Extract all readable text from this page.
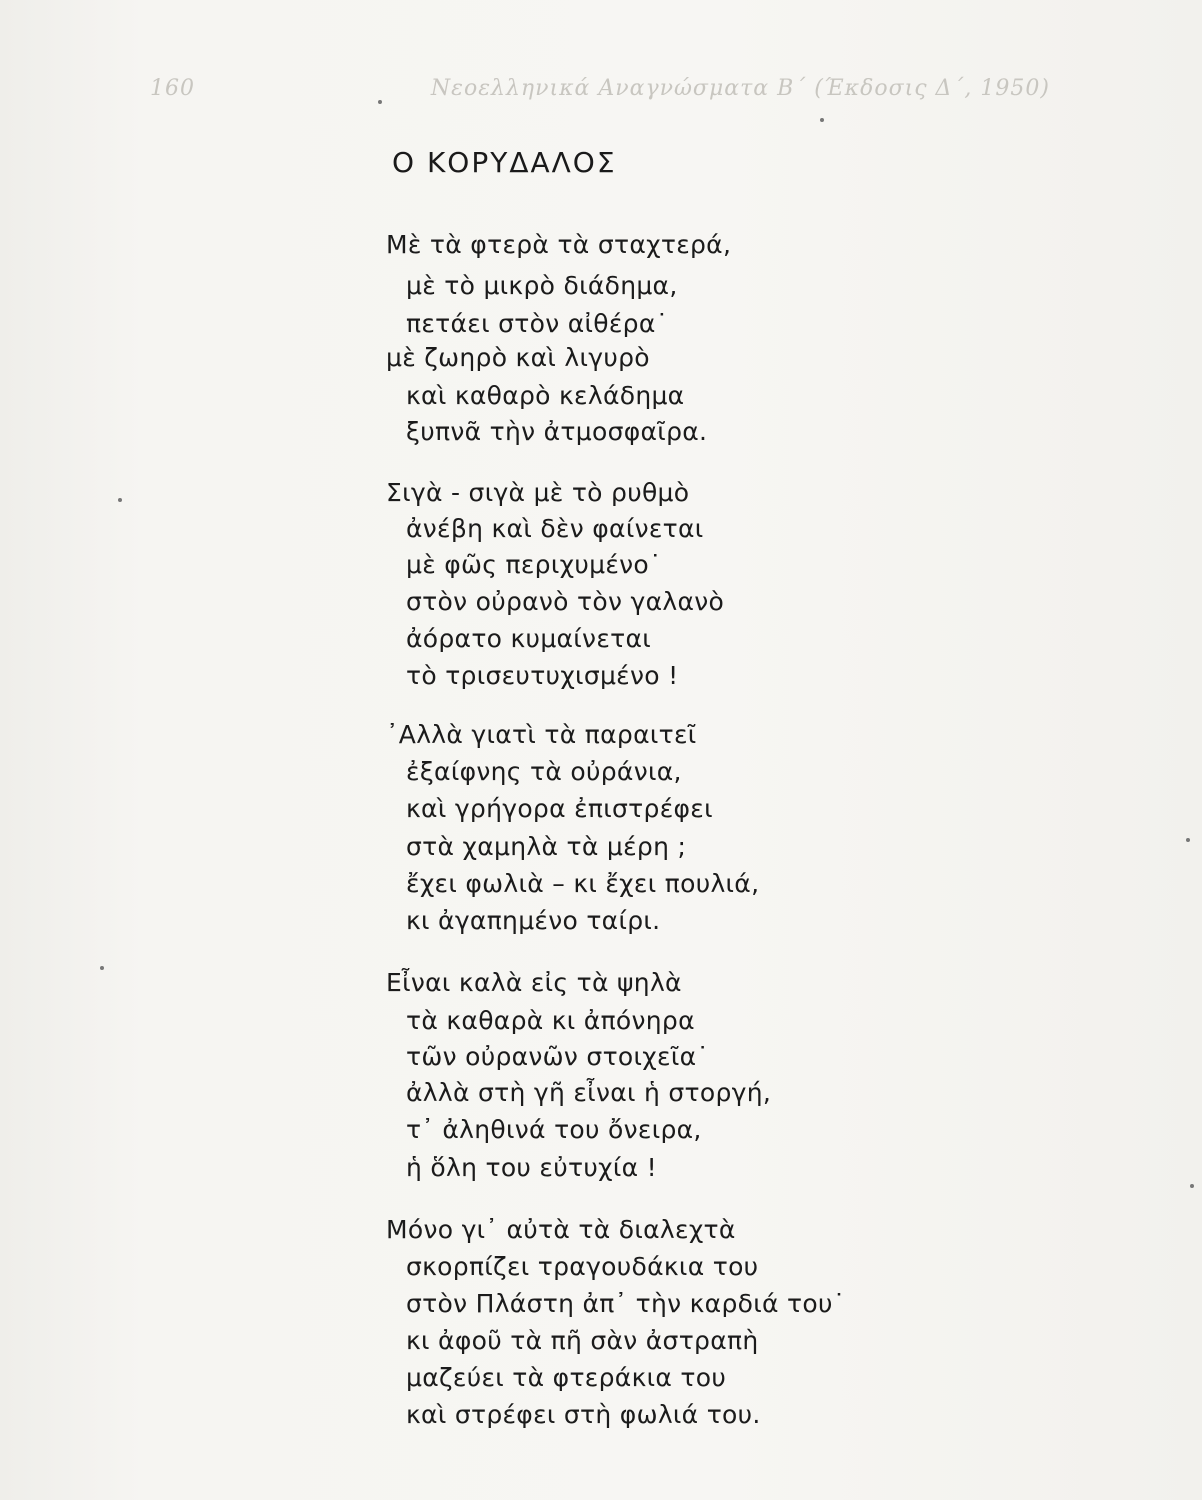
160	Νεοελληνικά Αναγνώσματα Β΄ (Έκδοσις Δ΄, 1950)
Ο ΚΟΡΥΔΑΛΟΣ
Μὲ τὰ φτερὰ τὰ σταχτερά,
μὲ τὸ μικρὸ διάδημα,
πετάει στὸν αἰθέρα˙
μὲ ζωηρὸ καὶ λιγυρὸ
καὶ καθαρὸ κελάδημα
ξυπνᾶ τὴν ἀτμοσφαῖρα.
Σιγὰ - σιγὰ μὲ τὸ ρυθμὸ
ἀνέβη καὶ δὲν φαίνεται
μὲ φῶς περιχυμένο˙
στὸν οὐρανὸ τὸν γαλανὸ
ἀόρατο κυμαίνεται
τὸ τρισευτυχισμένο !
᾿Αλλὰ γιατὶ τὰ παραιτεῖ
ἐξαίφνης τὰ οὐράνια,
καὶ γρήγορα ἐπιστρέφει
στὰ χαμηλὰ τὰ μέρη ;
ἔχει φωλιὰ – κι ἔχει πουλιά,
κι ἀγαπημένο ταίρι.
Εἶναι καλὰ εἰς τὰ ψηλὰ
τὰ καθαρὰ κι ἀπόνηρα
τῶν οὐρανῶν στοιχεῖα˙
ἀλλὰ στὴ γῆ εἶναι ἡ στοργή,
τ᾿ ἀληθινά του ὄνειρα,
ἡ ὅλη του εὐτυχία !
Μόνο γι᾿ αὐτὰ τὰ διαλεχτὰ
σκορπίζει τραγουδάκια του
στὸν Πλάστη ἀπ᾿ τὴν καρδιά του˙
κι ἀφοῦ τὰ πῆ σὰν ἀστραπὴ
μαζεύει τὰ φτεράκια του
καὶ στρέφει στὴ φωλιά του.
